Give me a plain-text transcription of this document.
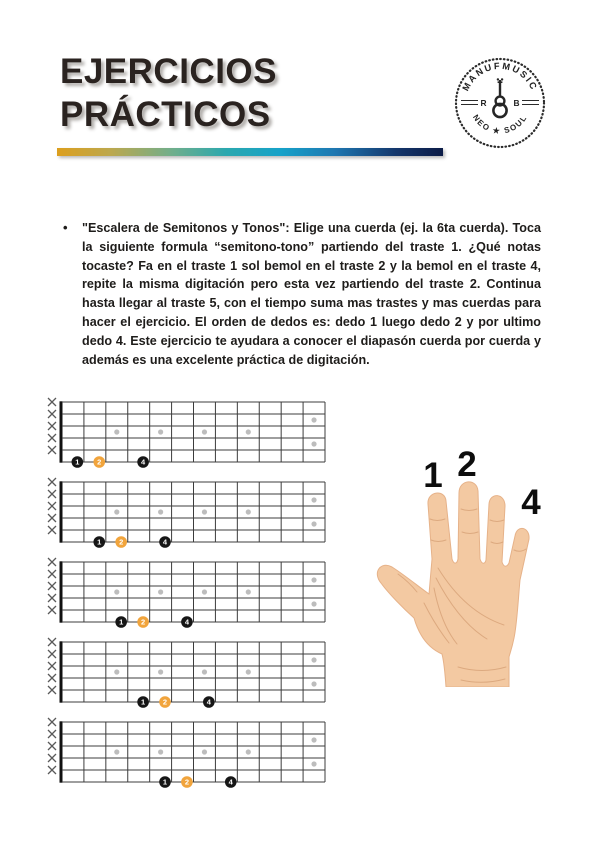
EJERCICIOS
PRÁCTICOS
MANUFMUSIC
NEO ★ SOUL
R	B
•	"Escalera de Semitonos y Tonos": Elige una cuerda (ej. la 6ta cuerda). Toca la siguiente formula “semitono-tono” partiendo del traste 1. ¿Qué notas tocaste? Fa en el traste 1 sol bemol en el traste 2 y la bemol en el traste 4, repite la misma digitación pero esta vez partiendo del traste 2. Continua hasta llegar al traste 5, con el tiempo suma mas trastes y mas cuerdas para hacer el ejercicio. El orden de dedos es: dedo 1 luego dedo 2 y por ultimo dedo 4. Este ejercicio te ayudara a conocer el diapasón cuerda por cuerda y además es una excelente práctica de digitación.
1 2	4
1 2	4
1 2	4
1 2	4
1 2	4
1 2
4
